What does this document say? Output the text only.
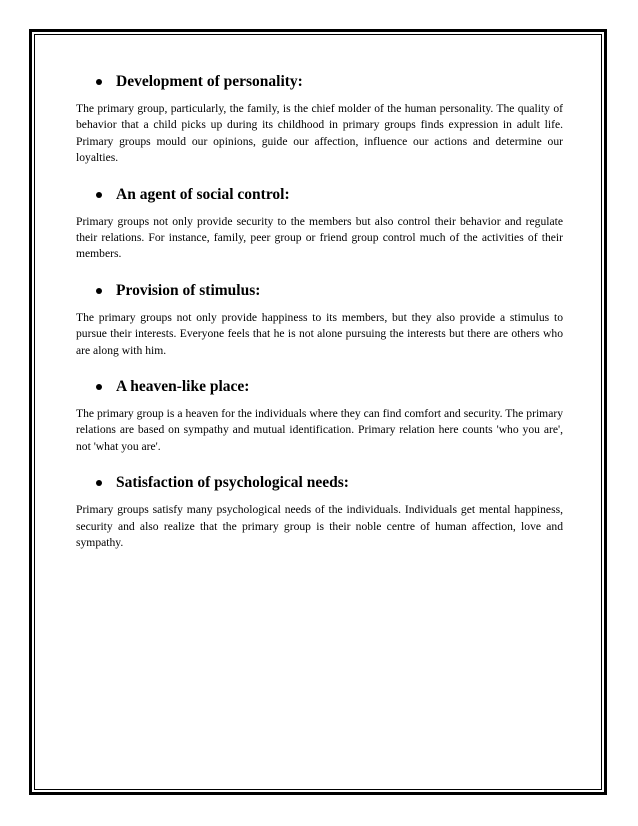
Development of personality:

The primary group, particularly, the family, is the chief molder of the human personality. The quality of behavior that a child picks up during its childhood in primary groups finds expression in adult life. Primary groups mould our opinions, guide our affection, influence our actions and determine our loyalties.

An agent of social control:

Primary groups not only provide security to the members but also control their behavior and regulate their relations. For instance, family, peer group or friend group control much of the activities of their members.

Provision of stimulus:

The primary groups not only provide happiness to its members, but they also provide a stimulus to pursue their interests. Everyone feels that he is not alone pursuing the interests but there are others who are along with him.

A heaven-like place:

The primary group is a heaven for the individuals where they can find comfort and security. The primary relations are based on sympathy and mutual identification. Primary relation here counts 'who you are', not 'what you are'.

Satisfaction of psychological needs:

Primary groups satisfy many psychological needs of the individuals. Individuals get mental happiness, security and also realize that the primary group is their noble centre of human affection, love and sympathy.
